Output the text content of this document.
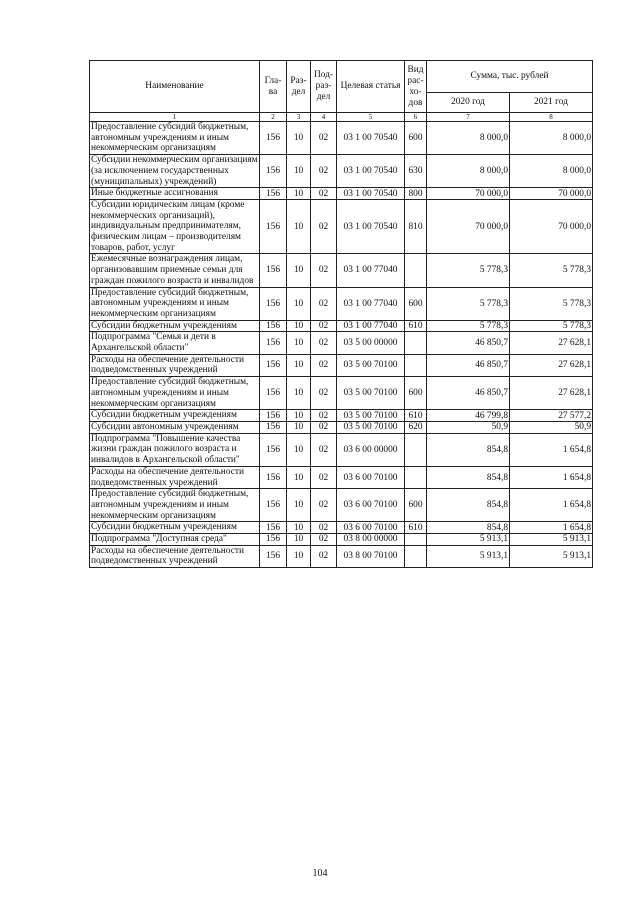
Наименование	Гла-ва	Раз-дел	Под-раз-дел	Целевая статья	Вид рас-хо-дов	Сумма, тыс. рублей	
						2020 год	2021 год
1	2	3	4	5	6	7	8
Предоставление субсидий бюджетным, автономным учреждениям и иным некоммерческим организациям	156	10	02	03 1 00 70540	600	8 000,0	8 000,0
Субсидии некоммерческим организациям (за исключением государственных (муниципальных) учреждений)	156	10	02	03 1 00 70540	630	8 000,0	8 000,0
Иные бюджетные ассигнования	156	10	02	03 1 00 70540	800	70 000,0	70 000,0
Субсидии юридическим лицам (кроме некоммерческих организаций), индивидуальным предпринимателям, физическим лицам – производителям товаров, работ, услуг	156	10	02	03 1 00 70540	810	70 000,0	70 000,0
Ежемесячные вознаграждения лицам, организовавшим приемные семьи для граждан пожилого возраста и инвалидов	156	10	02	03 1 00 77040		5 778,3	5 778,3
Предоставление субсидий бюджетным, автономным учреждениям и иным некоммерческим организациям	156	10	02	03 1 00 77040	600	5 778,3	5 778,3
Субсидии бюджетным учреждениям	156	10	02	03 1 00 77040	610	5 778,3	5 778,3
Подпрограмма "Семья и дети в Архангельской области"	156	10	02	03 5 00 00000		46 850,7	27 628,1
Расходы на обеспечение деятельности подведомственных учреждений	156	10	02	03 5 00 70100		46 850,7	27 628,1
Предоставление субсидий бюджетным, автономным учреждениям и иным некоммерческим организациям	156	10	02	03 5 00 70100	600	46 850,7	27 628,1
Субсидии бюджетным учреждениям	156	10	02	03 5 00 70100	610	46 799,8	27 577,2
Субсидии автономным учреждениям	156	10	02	03 5 00 70100	620	50,9	50,9
Подпрограмма "Повышение качества жизни граждан пожилого возраста и инвалидов в Архангельской области"	156	10	02	03 6 00 00000		854,8	1 654,8
Расходы на обеспечение деятельности подведомственных учреждений	156	10	02	03 6 00 70100		854,8	1 654,8
Предоставление субсидий бюджетным, автономным учреждениям и иным некоммерческим организациям	156	10	02	03 6 00 70100	600	854,8	1 654,8
Субсидии бюджетным учреждениям	156	10	02	03 6 00 70100	610	854,8	1 654,8
Подпрограмма "Доступная среда"	156	10	02	03 8 00 00000		5 913,1	5 913,1
Расходы на обеспечение деятельности подведомственных учреждений	156	10	02	03 8 00 70100		5 913,1	5 913,1
104
